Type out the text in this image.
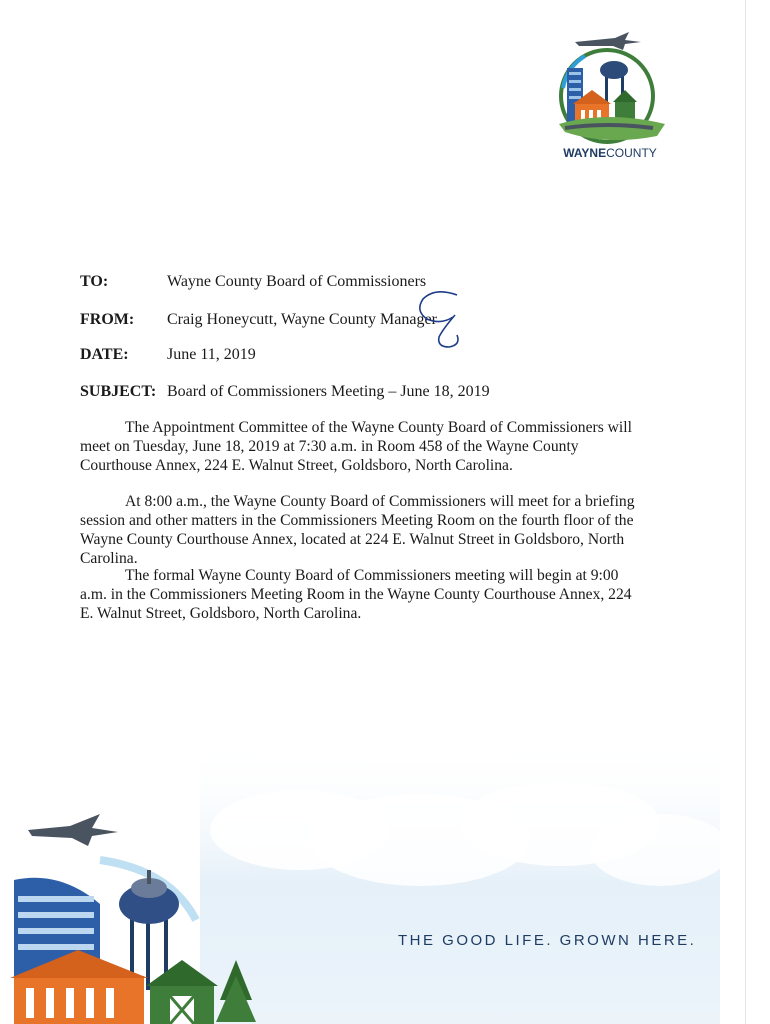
WAYNECOUNTY
TO:	Wayne County Board of Commissioners
FROM: Craig Honeycutt, Wayne County Manager
DATE: June 11, 2019
SUBJECT: Board of Commissioners Meeting – June 18, 2019
The Appointment Committee of the Wayne County Board of Commissioners will meet on Tuesday, June 18, 2019 at 7:30 a.m. in Room 458 of the Wayne County Courthouse Annex, 224 E. Walnut Street, Goldsboro, North Carolina.
At 8:00 a.m., the Wayne County Board of Commissioners will meet for a briefing session and other matters in the Commissioners Meeting Room on the fourth floor of the Wayne County Courthouse Annex, located at 224 E. Walnut Street in Goldsboro, North Carolina.
The formal Wayne County Board of Commissioners meeting will begin at 9:00 a.m. in the Commissioners Meeting Room in the Wayne County Courthouse Annex, 224 E. Walnut Street, Goldsboro, North Carolina.
THE GOOD LIFE. GROWN HERE.
